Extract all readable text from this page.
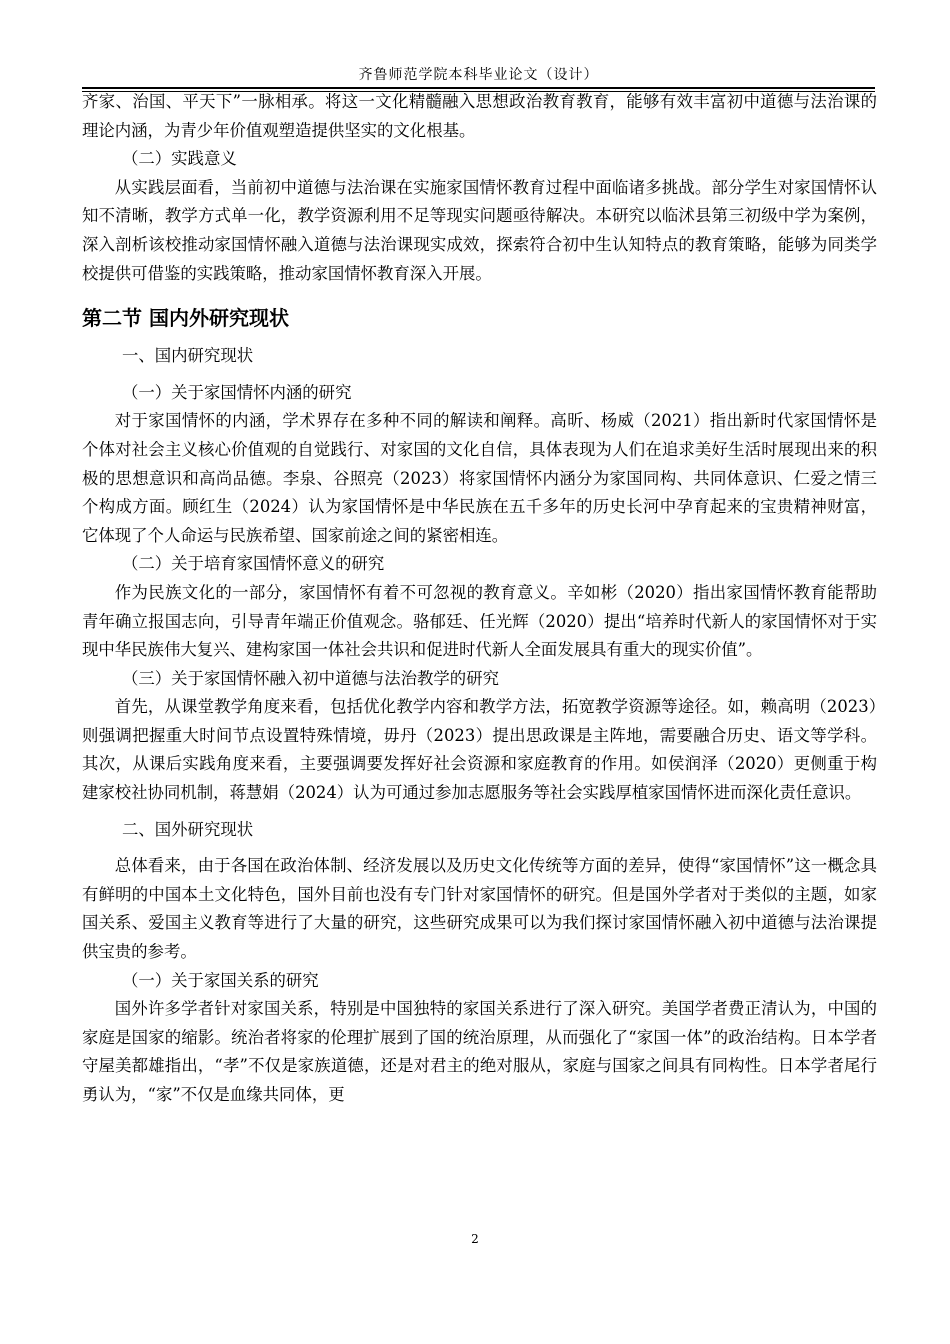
齐鲁师范学院本科毕业论文（设计）

齐家、治国、平天下”一脉相承。将这一文化精髓融入思想政治教育教育，能够有效丰富初中道德与法治课的理论内涵，为青少年价值观塑造提供坚实的文化根基。

（二）实践意义

从实践层面看，当前初中道德与法治课在实施家国情怀教育过程中面临诸多挑战。部分学生对家国情怀认知不清晰，教学方式单一化，教学资源利用不足等现实问题亟待解决。本研究以临沭县第三初级中学为案例，深入剖析该校推动家国情怀融入道德与法治课现实成效，探索符合初中生认知特点的教育策略，能够为同类学校提供可借鉴的实践策略，推动家国情怀教育深入开展。

第二节 国内外研究现状

一、国内研究现状

（一）关于家国情怀内涵的研究

对于家国情怀的内涵，学术界存在多种不同的解读和阐释。高昕、杨威（2021）指出新时代家国情怀是个体对社会主义核心价值观的自觉践行、对家国的文化自信，具体表现为人们在追求美好生活时展现出来的积极的思想意识和高尚品德。李泉、谷照亮（2023）将家国情怀内涵分为家国同构、共同体意识、仁爱之情三个构成方面。顾红生（2024）认为家国情怀是中华民族在五千多年的历史长河中孕育起来的宝贵精神财富，它体现了个人命运与民族希望、国家前途之间的紧密相连。

（二）关于培育家国情怀意义的研究

作为民族文化的一部分，家国情怀有着不可忽视的教育意义。辛如彬（2020）指出家国情怀教育能帮助青年确立报国志向，引导青年端正价值观念。骆郁廷、任光辉（2020）提出“培养时代新人的家国情怀对于实现中华民族伟大复兴、建构家国一体社会共识和促进时代新人全面发展具有重大的现实价值”。

（三）关于家国情怀融入初中道德与法治教学的研究

首先，从课堂教学角度来看，包括优化教学内容和教学方法，拓宽教学资源等途径。如，赖高明（2023）则强调把握重大时间节点设置特殊情境，毋丹（2023）提出思政课是主阵地，需要融合历史、语文等学科。其次，从课后实践角度来看，主要强调要发挥好社会资源和家庭教育的作用。如侯润泽（2020）更侧重于构建家校社协同机制，蒋慧娟（2024）认为可通过参加志愿服务等社会实践厚植家国情怀进而深化责任意识。

二、国外研究现状

总体看来，由于各国在政治体制、经济发展以及历史文化传统等方面的差异，使得“家国情怀”这一概念具有鲜明的中国本土文化特色，国外目前也没有专门针对家国情怀的研究。但是国外学者对于类似的主题，如家国关系、爱国主义教育等进行了大量的研究，这些研究成果可以为我们探讨家国情怀融入初中道德与法治课提供宝贵的参考。

（一）关于家国关系的研究

国外许多学者针对家国关系，特别是中国独特的家国关系进行了深入研究。美国学者费正清认为，中国的家庭是国家的缩影。统治者将家的伦理扩展到了国的统治原理，从而强化了“家国一体”的政治结构。日本学者守屋美都雄指出，“孝”不仅是家族道德，还是对君主的绝对服从，家庭与国家之间具有同构性。日本学者尾行勇认为，“家”不仅是血缘共同体，更

2
